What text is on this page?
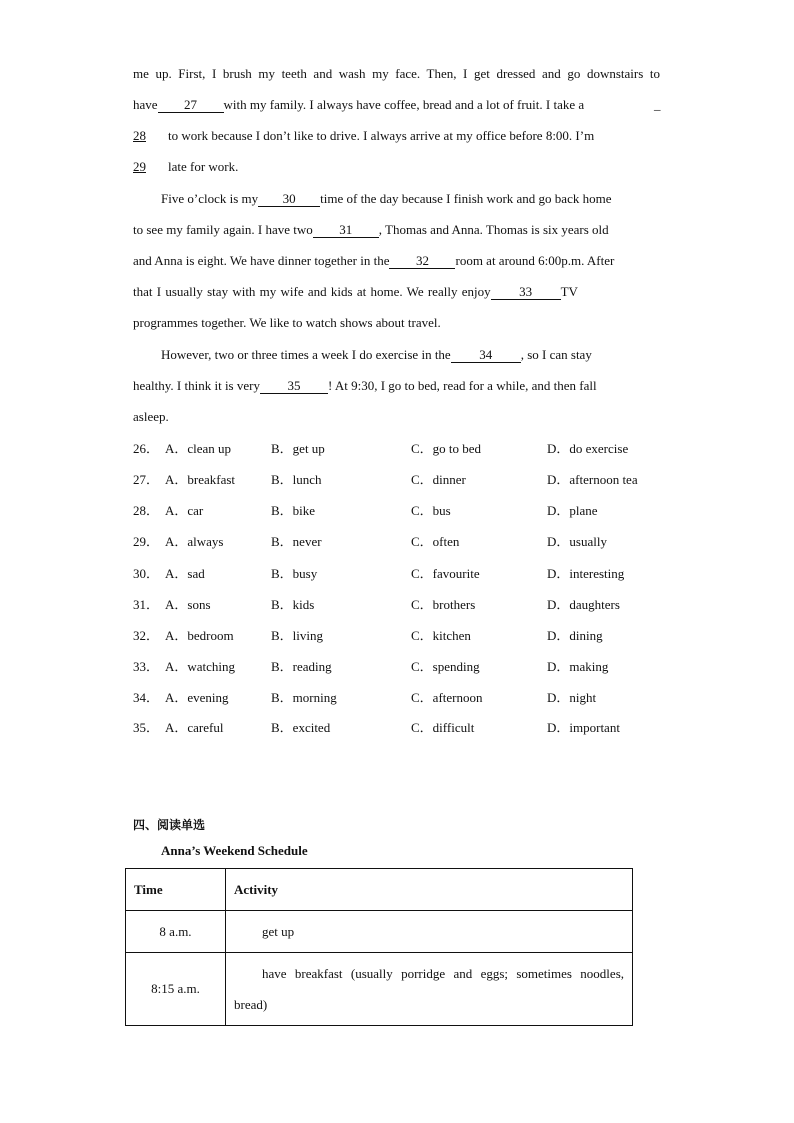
me up. First, I brush my teeth and wash my face. Then, I get dressed and go downstairs to
have 27 with my family. I always have coffee, bread and a lot of fruit. I take a	_
28 to work because I don’t like to drive. I always arrive at my office before 8:00. I’m
29 late for work.
Five o’clock is my 30 time of the day because I finish work and go back home
to see my family again. I have two 31 , Thomas and Anna. Thomas is six years old
and Anna is eight. We have dinner together in the 32 room at around 6:00p.m. After
that I usually stay with my wife and kids at home. We really enjoy 33 TV
programmes together. We like to watch shows about travel.
However, two or three times a week I do exercise in the 34 , so I can stay
healthy. I think it is very 35 ! At 9:30, I go to bed, read for a while, and then fall
asleep.
26． A．clean up	B．get up	C．go to bed	D．do exercise
27． A．breakfast	B．lunch	C．dinner	D．afternoon tea
28． A．car	B．bike	C．bus	D．plane
29． A．always	B．never	C．often	D．usually
30． A．sad	B．busy	C．favourite	D．interesting
31． A．sons	B．kids	C．brothers	D．daughters
32． A．bedroom	B．living	C．kitchen	D．dining
33． A．watching	B．reading	C．spending	D．making
34． A．evening	B．morning	C．afternoon	D．night
35． A．careful	B．excited	C．difficult	D．important
四、阅读单选
Anna’s Weekend Schedule
Time	Activity
8 a.m.	get up
8:15 a.m.	have breakfast (usually porridge and eggs; sometimes noodles, bread)
